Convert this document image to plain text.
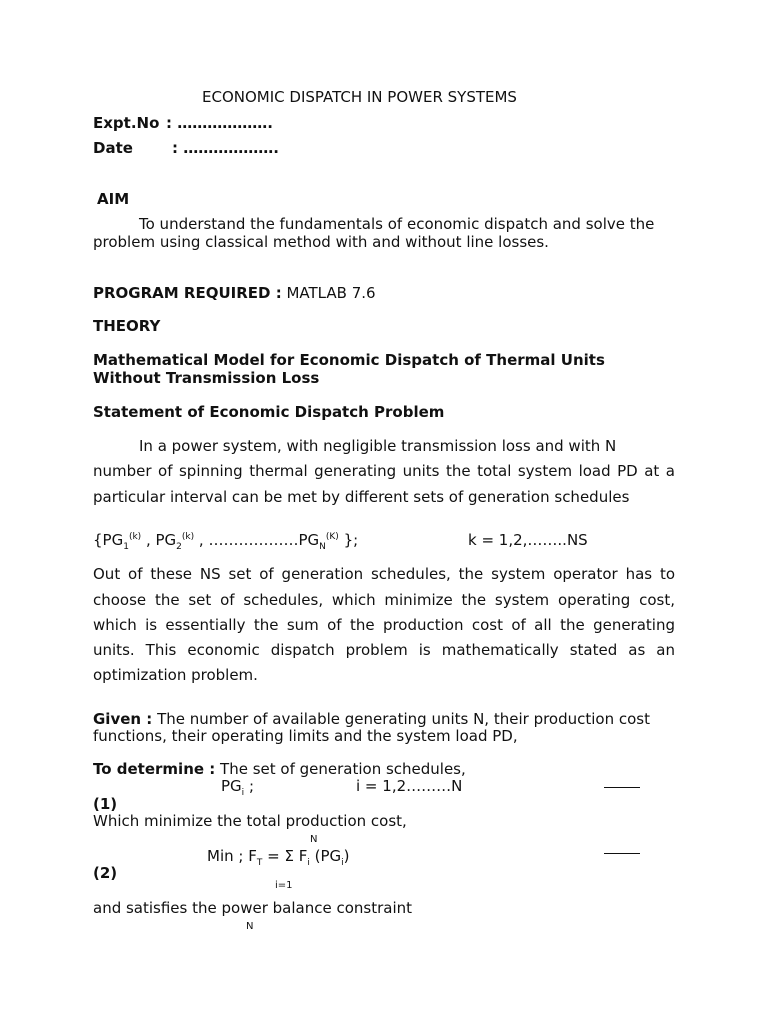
ECONOMIC DISPATCH IN POWER SYSTEMS
Expt.No : ……………….
Date	: ……………….
AIM
To understand the fundamentals of economic dispatch and solve the
problem using classical method with and without line losses.
PROGRAM REQUIRED : MATLAB 7.6
THEORY
Mathematical Model for Economic Dispatch of Thermal Units
Without Transmission Loss
Statement of Economic Dispatch Problem
In a power system, with negligible transmission loss and with N
number of spinning thermal generating units the total system load PD at a
particular interval can be met by different sets of generation schedules
{$PG_1^{(k)}$ , $PG_2^{(k)}$ , $\dots\dots\dots\dots\dots\dots PG_N^{(K)}$ };	k = 1,2,……..NS
Out of these NS set of generation schedules, the system operator has to
choose the set of schedules, which minimize the system operating cost,
which is essentially the sum of the production cost of all the generating
units. This economic dispatch problem is mathematically stated as an
optimization problem.
Given : The number of available generating units N, their production cost
functions, their operating limits and the system load PD,
To determine : The set of generation schedules,
$PG_i$ ;	i = 1,2………N
(1)
Which minimize the total production cost,
N
Min ; $F_T = \Sigma$ $F_i$ $(PG_i)$
(2)
i=1
and satisfies the power balance constraint
N
